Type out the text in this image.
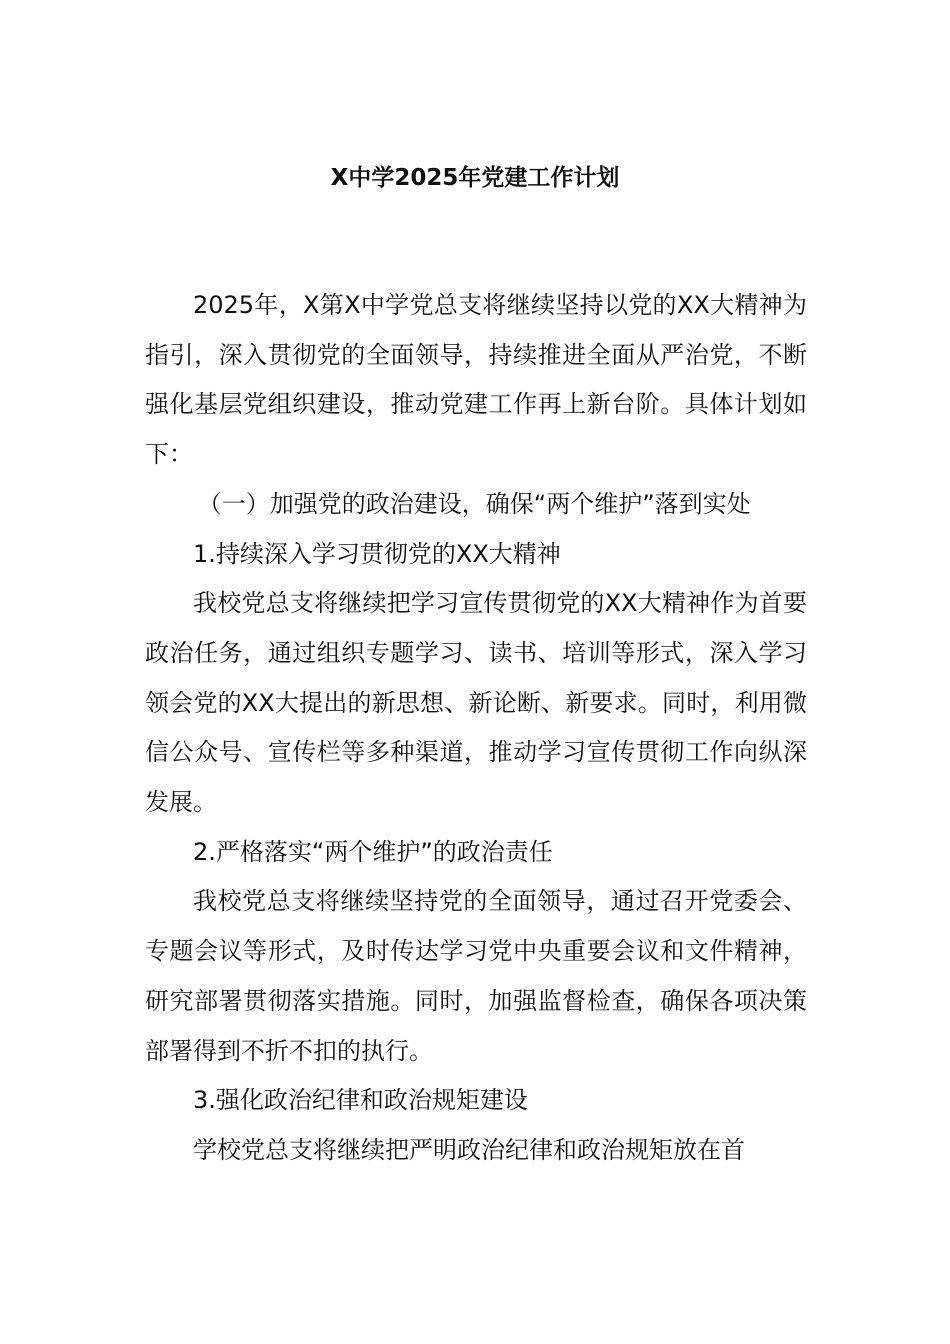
X中学2025年党建工作计划

2025年，X第X中学党总支将继续坚持以党的XX大精神为指引，深入贯彻党的全面领导，持续推进全面从严治党，不断强化基层党组织建设，推动党建工作再上新台阶。具体计划如下：

（一）加强党的政治建设，确保“两个维护”落到实处

1.持续深入学习贯彻党的XX大精神

我校党总支将继续把学习宣传贯彻党的XX大精神作为首要政治任务，通过组织专题学习、读书、培训等形式，深入学习领会党的XX大提出的新思想、新论断、新要求。同时，利用微信公众号、宣传栏等多种渠道，推动学习宣传贯彻工作向纵深发展。

2.严格落实“两个维护”的政治责任

我校党总支将继续坚持党的全面领导，通过召开党委会、专题会议等形式，及时传达学习党中央重要会议和文件精神，研究部署贯彻落实措施。同时，加强监督检查，确保各项决策部署得到不折不扣的执行。

3.强化政治纪律和政治规矩建设

学校党总支将继续把严明政治纪律和政治规矩放在首
